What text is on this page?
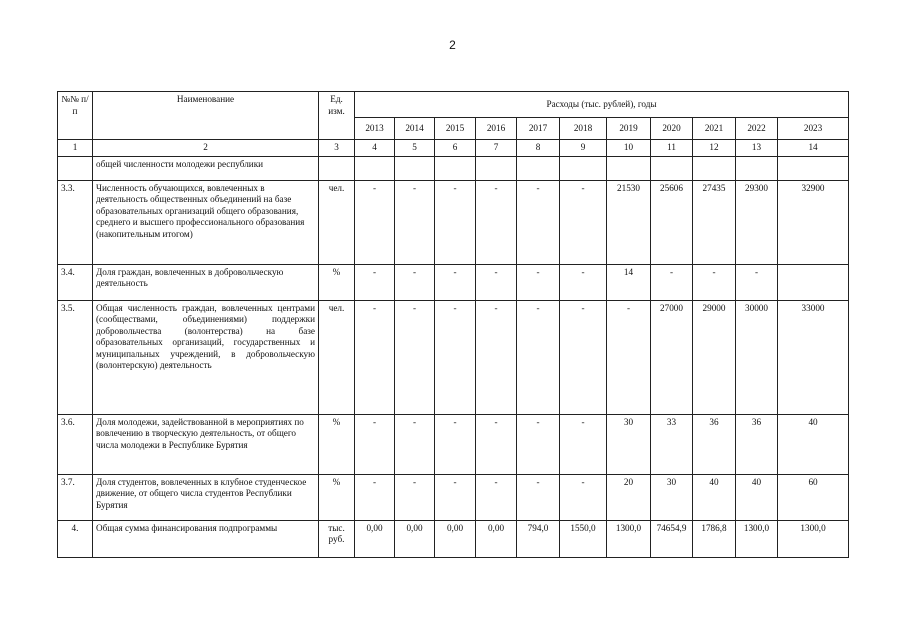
2
№№ п/п	Наименование	Ед. изм.	Расходы (тыс. рублей), годы										
			2013	2014	2015	2016	2017	2018	2019	2020	2021	2022	2023
1	2	3	4	5	6	7	8	9	10	11	12	13	14
	общей численности молодежи республики												
3.3.	Численность обучающихся, вовлеченных в деятельность общественных объединений на базе образовательных организаций общего образования, среднего и высшего профессионального образования (накопительным итогом)	чел.	-	-	-	-	-	-	21530	25606	27435	29300	32900
3.4.	Доля граждан, вовлеченных в добровольческую деятельность	%	-	-	-	-	-	-	14	-	-	-	
3.5.	Общая численность граждан, вовлеченных центрами (сообществами, объединениями) поддержки добровольчества (волонтерства) на базе образовательных организаций, государственных и муниципальных учреждений, в добровольческую (волонтерскую) деятельность	чел.	-	-	-	-	-	-	-	27000	29000	30000	33000
3.6.	Доля молодежи, задействованной в мероприятиях по вовлечению в творческую деятельность, от общего числа молодежи в Республике Бурятия	%	-	-	-	-	-	-	30	33	36	36	40
3.7.	Доля студентов, вовлеченных в клубное студенческое движение, от общего числа студентов Республики Бурятия	%	-	-	-	-	-	-	20	30	40	40	60
4.	Общая сумма финансирования подпрограммы	тыс. руб.	0,00	0,00	0,00	0,00	794,0	1550,0	1300,0	74654,9	1786,8	1300,0	1300,0
